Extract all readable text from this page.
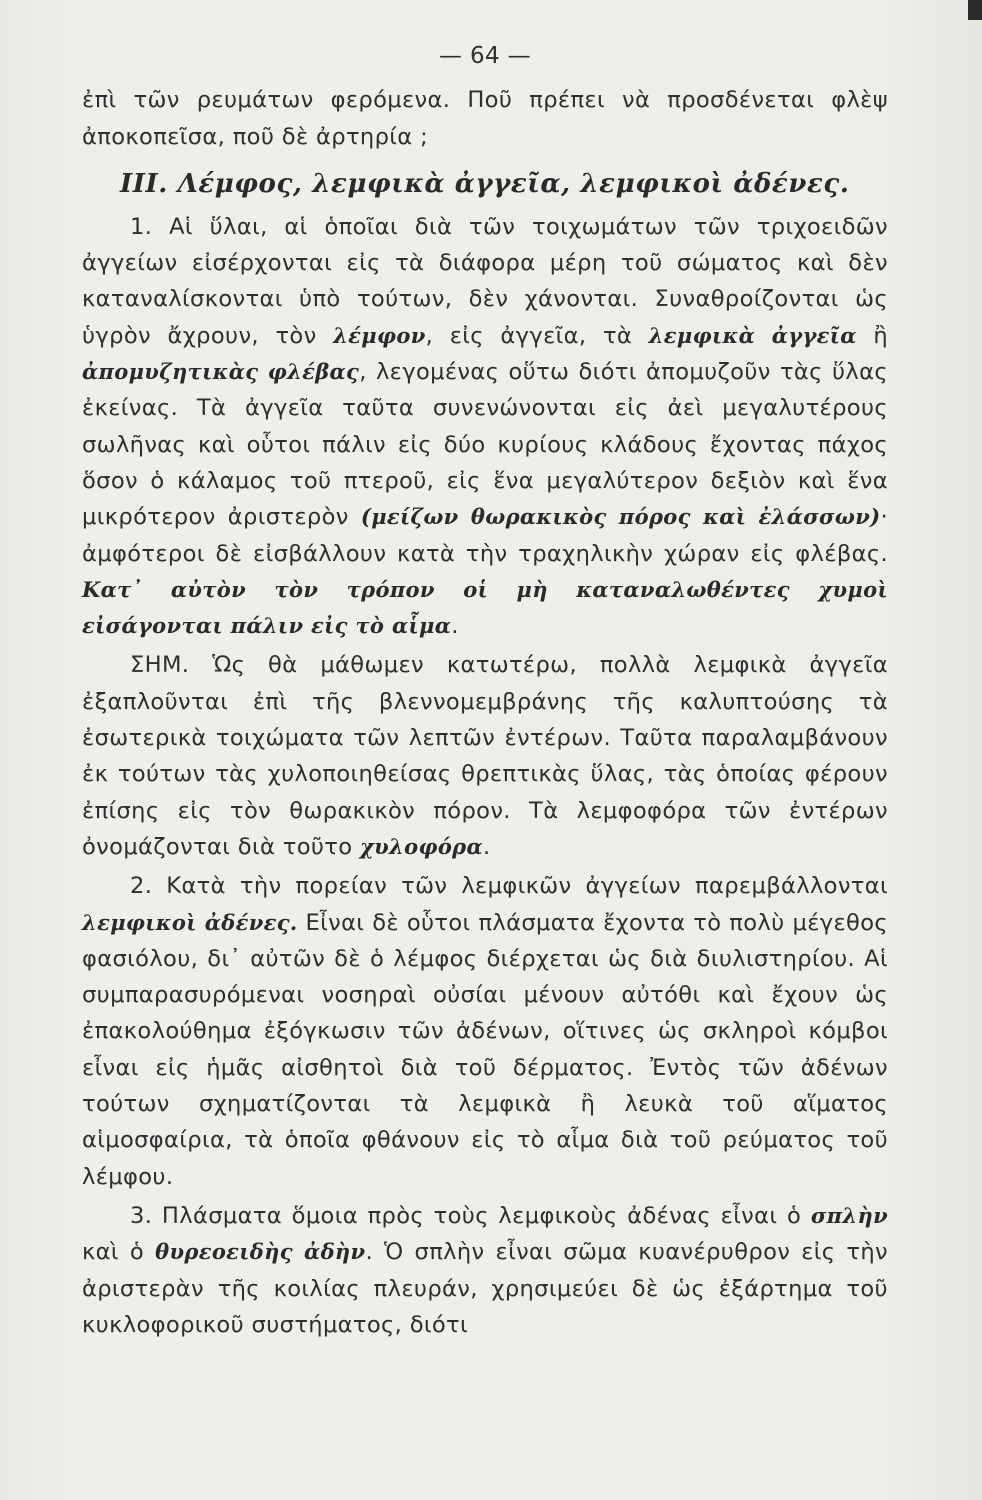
— 64 —

ἐπὶ τῶν ρευμάτων φερόμενα. Ποῦ πρέπει νὰ προσδένεται φλὲψ ἀποκοπεῖσα, ποῦ δὲ ἀρτηρία ;

III. Λέμφος, λεμφικὰ ἀγγεῖα, λεμφικοὶ ἀδένες.

1. Αἱ ὕλαι, αἱ ὁποῖαι διὰ τῶν τοιχωμάτων τῶν τριχοειδῶν ἀγγείων εἰσέρχονται εἰς τὰ διάφορα μέρη τοῦ σώματος καὶ δὲν καταναλίσκονται ὑπὸ τούτων, δὲν χάνονται. Συναθροίζονται ὡς ὑγρὸν ἄχρουν, τὸν λέμφον, εἰς ἀγγεῖα, τὰ λεμφικὰ ἀγγεῖα ἢ ἀπομυζητικὰς φλέβας, λεγομένας οὕτω διότι ἀπομυζοῦν τὰς ὕλας ἐκείνας. Τὰ ἀγγεῖα ταῦτα συνενώνονται εἰς ἀεὶ μεγαλυτέρους σωλῆνας καὶ οὗτοι πάλιν εἰς δύο κυρίους κλάδους ἔχοντας πάχος ὅσον ὁ κάλαμος τοῦ πτεροῦ, εἰς ἕνα μεγαλύτερον δεξιὸν καὶ ἕνα μικρότερον ἀριστερὸν (μείζων θωρακικὸς πόρος καὶ ἐλάσσων)· ἀμφότεροι δὲ εἰσβάλλουν κατὰ τὴν τραχηλικὴν χώραν εἰς φλέβας. Κατ᾽ αὐτὸν τὸν τρόπον οἱ μὴ καταναλωθέντες χυμοὶ εἰσάγονται πάλιν εἰς τὸ αἷμα.

ΣΗΜ. Ὡς θὰ μάθωμεν κατωτέρω, πολλὰ λεμφικὰ ἀγγεῖα ἐξαπλοῦνται ἐπὶ τῆς βλεννομεμβράνης τῆς καλυπτούσης τὰ ἐσωτερικὰ τοιχώματα τῶν λεπτῶν ἐντέρων. Ταῦτα παραλαμβάνουν ἐκ τούτων τὰς χυλοποιηθείσας θρεπτικὰς ὕλας, τὰς ὁποίας φέρουν ἐπίσης εἰς τὸν θωρακικὸν πόρον. Τὰ λεμφοφόρα τῶν ἐντέρων ὀνομάζονται διὰ τοῦτο χυλοφόρα.

2. Κατὰ τὴν πορείαν τῶν λεμφικῶν ἀγγείων παρεμβάλλονται λεμφικοὶ ἀδένες. Εἶναι δὲ οὗτοι πλάσματα ἔχοντα τὸ πολὺ μέγεθος φασιόλου, δι᾽ αὐτῶν δὲ ὁ λέμφος διέρχεται ὡς διὰ διυλιστηρίου. Αἱ συμπαρασυρόμεναι νοσηραὶ οὐσίαι μένουν αὐτόθι καὶ ἔχουν ὡς ἐπακολούθημα ἐξόγκωσιν τῶν ἀδένων, οἵτινες ὡς σκληροὶ κόμβοι εἶναι εἰς ἡμᾶς αἰσθητοὶ διὰ τοῦ δέρματος. Ἐντὸς τῶν ἀδένων τούτων σχηματίζονται τὰ λεμφικὰ ἢ λευκὰ τοῦ αἵματος αἱμοσφαίρια, τὰ ὁποῖα φθάνουν εἰς τὸ αἷμα διὰ τοῦ ρεύματος τοῦ λέμφου.

3. Πλάσματα ὅμοια πρὸς τοὺς λεμφικοὺς ἀδένας εἶναι ὁ σπλὴν καὶ ὁ θυρεοειδὴς ἀδὴν. Ὁ σπλὴν εἶναι σῶμα κυανέρυθρον εἰς τὴν ἀριστερὰν τῆς κοιλίας πλευράν, χρησιμεύει δὲ ὡς ἐξάρτημα τοῦ κυκλοφορικοῦ συστήματος, διότι
